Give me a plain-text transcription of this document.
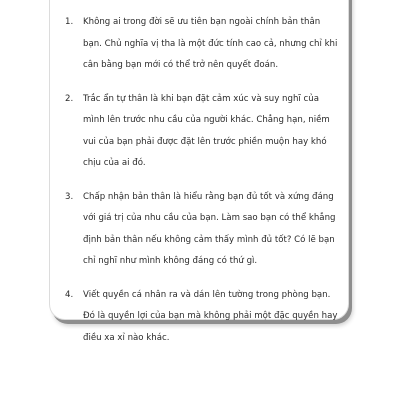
1. Không ai trong đời sẽ ưu tiên bạn ngoài chính bản thân bạn. Chủ nghĩa vị tha là một đức tính cao cả, nhưng chỉ khi cân bằng bạn mới có thể trở nên quyết đoán.
2. Trắc ẩn tự thân là khi bạn đặt cảm xúc và suy nghĩ của mình lên trước nhu cầu của người khác. Chẳng hạn, niềm vui của bạn phải được đặt lên trước phiền muộn hay khó chịu của ai đó.
3. Chấp nhận bản thân là hiểu rằng bạn đủ tốt và xứng đáng với giá trị của nhu cầu của bạn. Làm sao bạn có thể khẳng định bản thân nếu không cảm thấy mình đủ tốt? Có lẽ bạn chỉ nghĩ như mình không đáng có thứ gì.
4. Viết quyền cá nhân ra và dán lên tường trong phòng bạn. Đó là quyền lợi của bạn mà không phải một đặc quyền hay điều xa xỉ nào khác.
